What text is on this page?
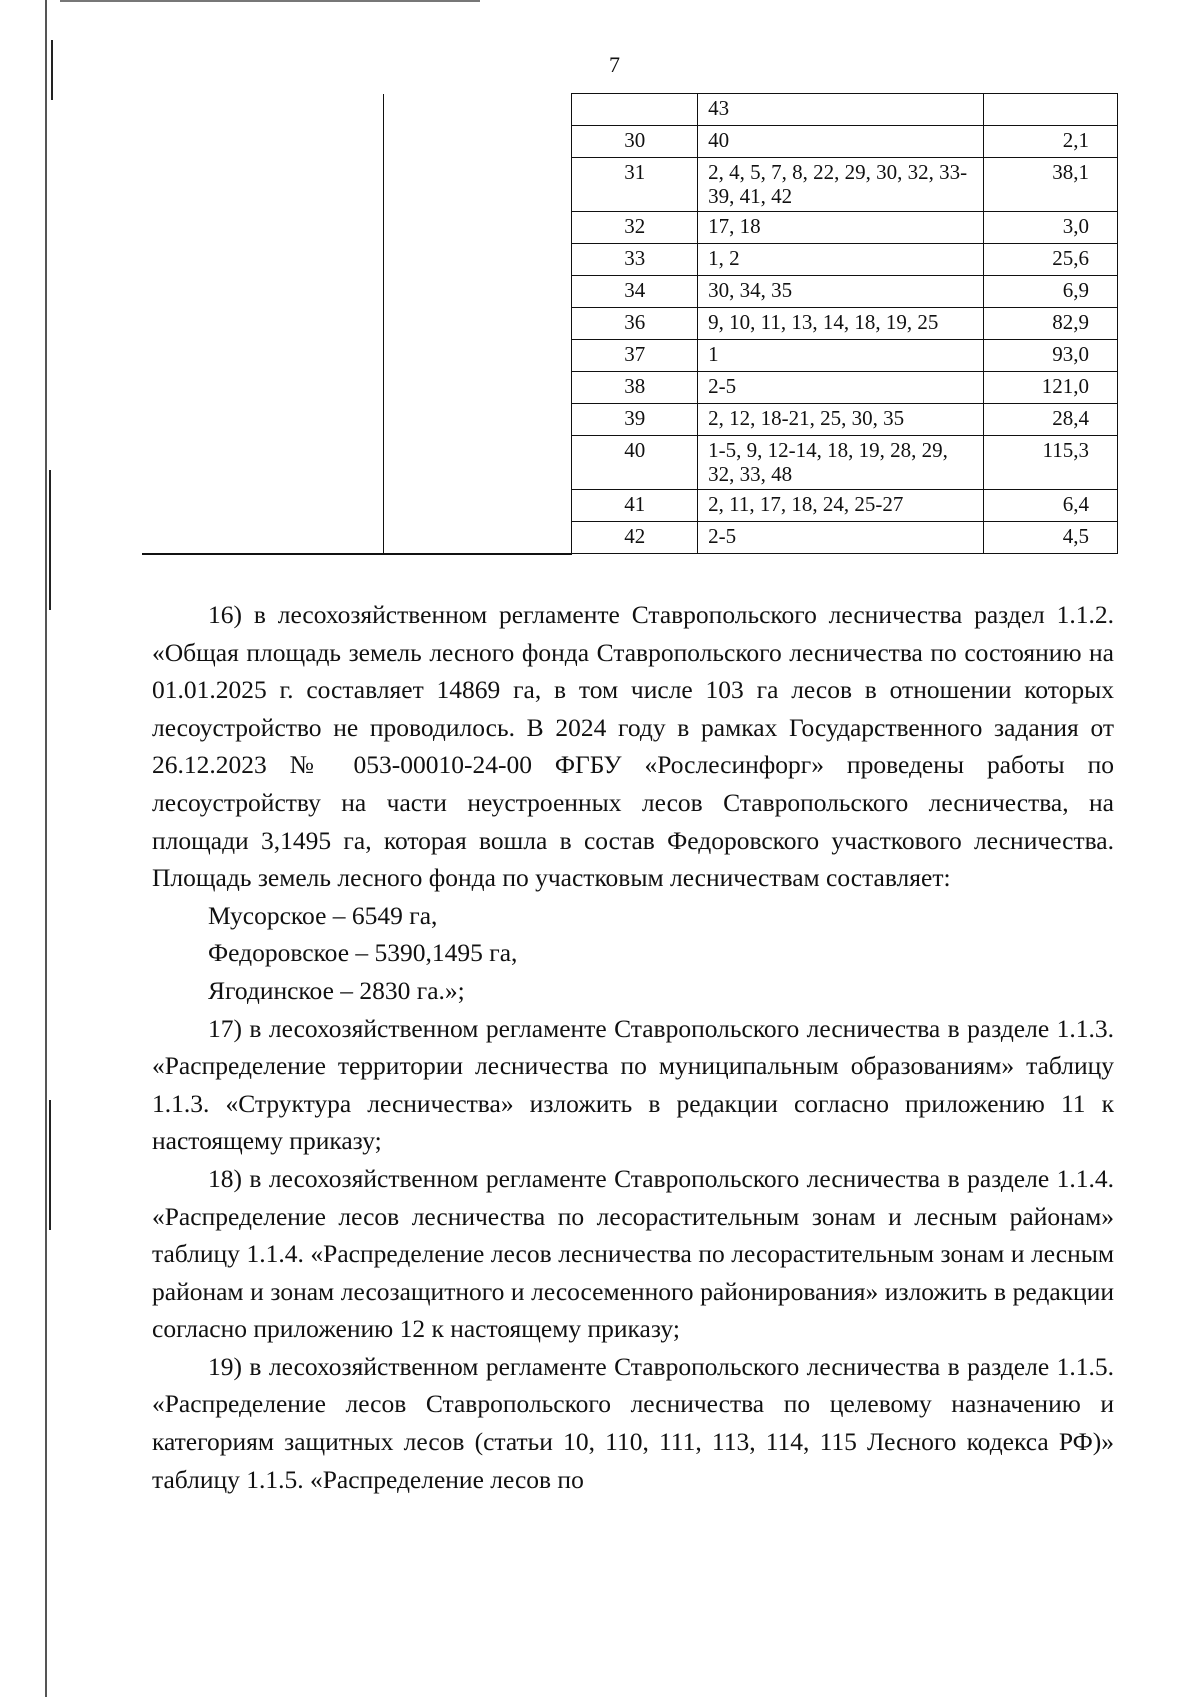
7
			43	
		30	40	2,1
		31	2, 4, 5, 7, 8, 22, 29, 30, 32, 33-39, 41, 42	38,1
		32	17, 18	3,0
		33	1, 2	25,6
		34	30, 34, 35	6,9
		36	9, 10, 11, 13, 14, 18, 19, 25	82,9
		37	1	93,0
		38	2-5	121,0
		39	2, 12, 18-21, 25, 30, 35	28,4
		40	1-5, 9, 12-14, 18, 19, 28, 29, 32, 33, 48	115,3
		41	2, 11, 17, 18, 24, 25-27	6,4
		42	2-5	4,5

16) в лесохозяйственном регламенте Ставропольского лесничества раздел 1.1.2. «Общая площадь земель лесного фонда Ставропольского лесничества по состоянию на 01.01.2025 г. составляет 14869 га, в том числе 103 га лесов в отношении которых лесоустройство не проводилось. В 2024 году в рамках Государственного задания от 26.12.2023 № 053-00010-24-00 ФГБУ «Рослесинфорг» проведены работы по лесоустройству на части неустроенных лесов Ставропольского лесничества, на площади 3,1495 га, которая вошла в состав Федоровского участкового лесничества. Площадь земель лесного фонда по участковым лесничествам составляет:

Мусорское – 6549 га,

Федоровское – 5390,1495 га,

Ягодинское – 2830 га.»;

17) в лесохозяйственном регламенте Ставропольского лесничества в разделе 1.1.3. «Распределение территории лесничества по муниципальным образованиям» таблицу 1.1.3. «Структура лесничества» изложить в редакции согласно приложению 11 к настоящему приказу;

18) в лесохозяйственном регламенте Ставропольского лесничества в разделе 1.1.4. «Распределение лесов лесничества по лесорастительным зонам и лесным районам» таблицу 1.1.4. «Распределение лесов лесничества по лесорастительным зонам и лесным районам и зонам лесозащитного и лесосеменного районирования» изложить в редакции согласно приложению 12 к настоящему приказу;

19) в лесохозяйственном регламенте Ставропольского лесничества в разделе 1.1.5. «Распределение лесов Ставропольского лесничества по целевому назначению и категориям защитных лесов (статьи 10, 110, 111, 113, 114, 115 Лесного кодекса РФ)» таблицу 1.1.5. «Распределение лесов по
